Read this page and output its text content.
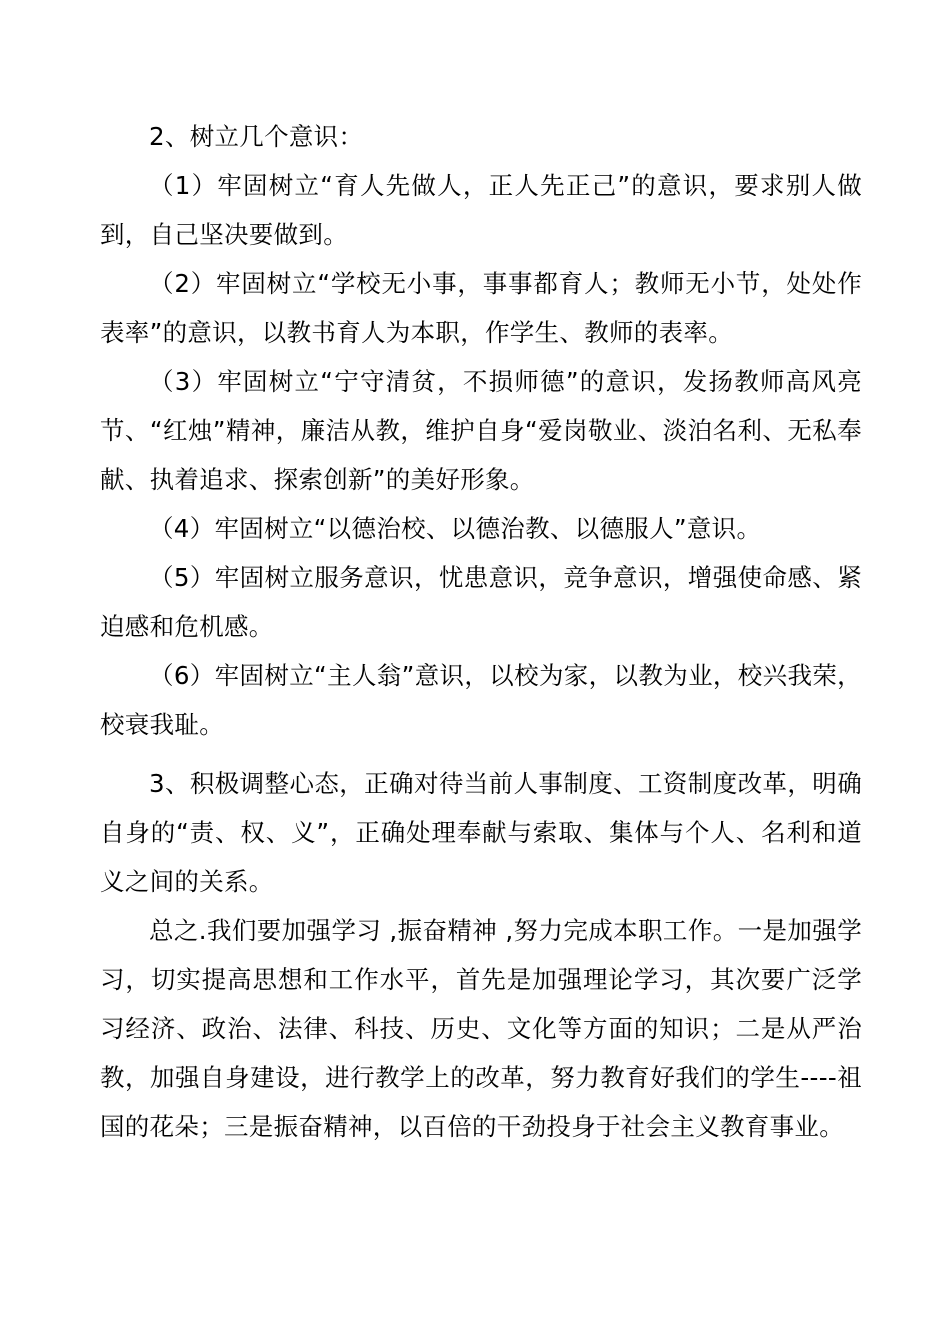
2、树立几个意识：

（1）牢固树立“育人先做人，正人先正己”的意识，要求别人做到，自己坚决要做到。

（2）牢固树立“学校无小事，事事都育人；教师无小节，处处作表率”的意识，以教书育人为本职，作学生、教师的表率。

（3）牢固树立“宁守清贫，不损师德”的意识，发扬教师高风亮节、“红烛”精神，廉洁从教，维护自身“爱岗敬业、淡泊名利、无私奉献、执着追求、探索创新”的美好形象。

（4）牢固树立“以德治校、以德治教、以德服人”意识。

（5）牢固树立服务意识，忧患意识，竞争意识，增强使命感、紧迫感和危机感。

（6）牢固树立“主人翁”意识，以校为家，以教为业，校兴我荣，校衰我耻。

3、积极调整心态，正确对待当前人事制度、工资制度改革，明确自身的“责、权、义”，正确处理奉献与索取、集体与个人、名利和道义之间的关系。

总之.我们要加强学习 ,振奋精神 ,努力完成本职工作。一是加强学习，切实提高思想和工作水平，首先是加强理论学习，其次要广泛学习经济、政治、法律、科技、历史、文化等方面的知识；二是从严治教，加强自身建设，进行教学上的改革，努力教育好我们的学生----祖国的花朵；三是振奋精神，以百倍的干劲投身于社会主义教育事业。
